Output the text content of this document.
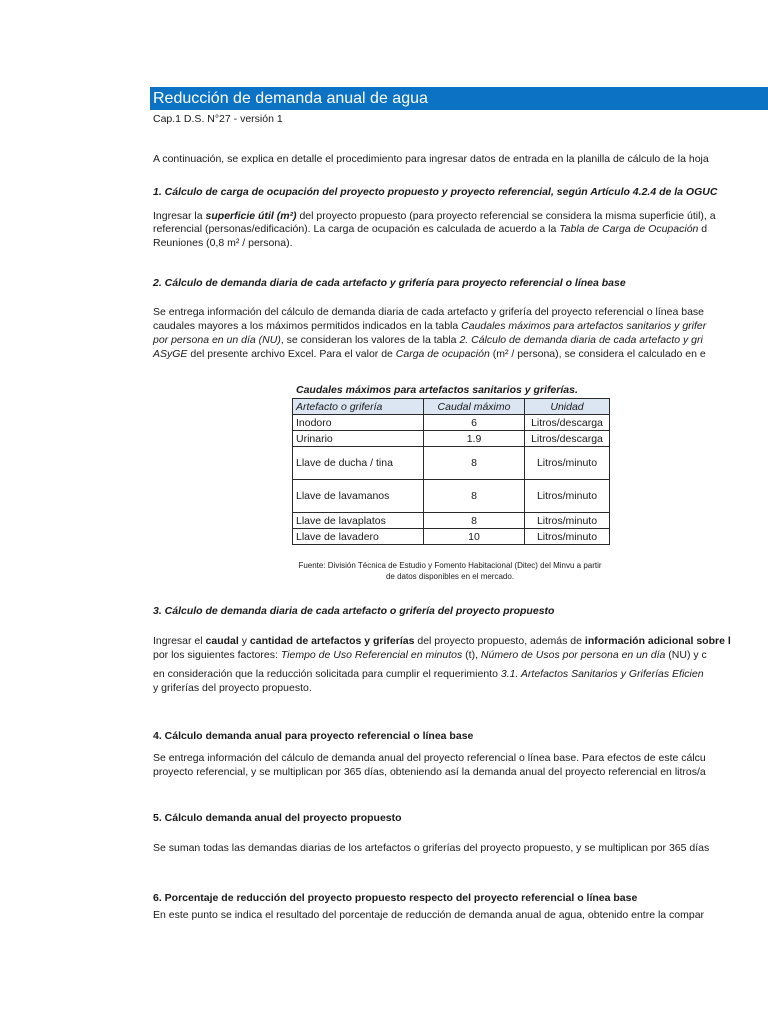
Reducción de demanda anual de agua
Cap.1 D.S. N°27 - versión 1
A continuación, se explica en detalle el procedimiento para ingresar datos de entrada en la planilla de cálculo de la hoja
1. Cálculo de carga de ocupación del proyecto propuesto y proyecto referencial, según Artículo 4.2.4 de la OGUC
Ingresar la superficie útil (m²) del proyecto propuesto (para proyecto referencial se considera la misma superficie útil), a
referencial (personas/edificación). La carga de ocupación es calculada de acuerdo a la Tabla de Carga de Ocupación d
Reuniones (0,8 m² / persona).
2. Cálculo de demanda diaria de cada artefacto y grifería para proyecto referencial o línea base
Se entrega información del cálculo de demanda diaria de cada artefacto y grifería del proyecto referencial o línea base
caudales mayores a los máximos permitidos indicados en la tabla Caudales máximos para artefactos sanitarios y grifer
por persona en un día (NU), se consideran los valores de la tabla 2. Cálculo de demanda diaria de cada artefacto y gri
ASyGE del presente archivo Excel. Para el valor de Carga de ocupación (m² / persona), se considera el calculado en e
Caudales máximos para artefactos sanitarios y griferías.
Artefacto o grifería	Caudal máximo	Unidad
Inodoro	6	Litros/descarga
Urinario	1.9	Litros/descarga
Llave de ducha / tina	8	Litros/minuto
Llave de lavamanos	8	Litros/minuto
Llave de lavaplatos	8	Litros/minuto
Llave de lavadero	10	Litros/minuto
Fuente: División Técnica de Estudio y Fomento Habitacional (Ditec) del Minvu a partir
de datos disponibles en el mercado.
3. Cálculo de demanda diaria de cada artefacto o grifería del proyecto propuesto
Ingresar el caudal y cantidad de artefactos y griferías del proyecto propuesto, además de información adicional sobre l
por los siguientes factores: Tiempo de Uso Referencial en minutos (t), Número de Usos por persona en un día (NU) y c
en consideración que la reducción solicitada para cumplir el requerimiento 3.1. Artefactos Sanitarios y Griferías Eficien
y griferías del proyecto propuesto.
4. Cálculo demanda anual para proyecto referencial o línea base
Se entrega información del cálculo de demanda anual del proyecto referencial o línea base. Para efectos de este cálcu
proyecto referencial, y se multiplican por 365 días, obteniendo así la demanda anual del proyecto referencial en litros/a
5. Cálculo demanda anual del proyecto propuesto
Se suman todas las demandas diarias de los artefactos o griferías del proyecto propuesto, y se multiplican por 365 días
6. Porcentaje de reducción del proyecto propuesto respecto del proyecto referencial o línea base
En este punto se indica el resultado del porcentaje de reducción de demanda anual de agua, obtenido entre la compar
